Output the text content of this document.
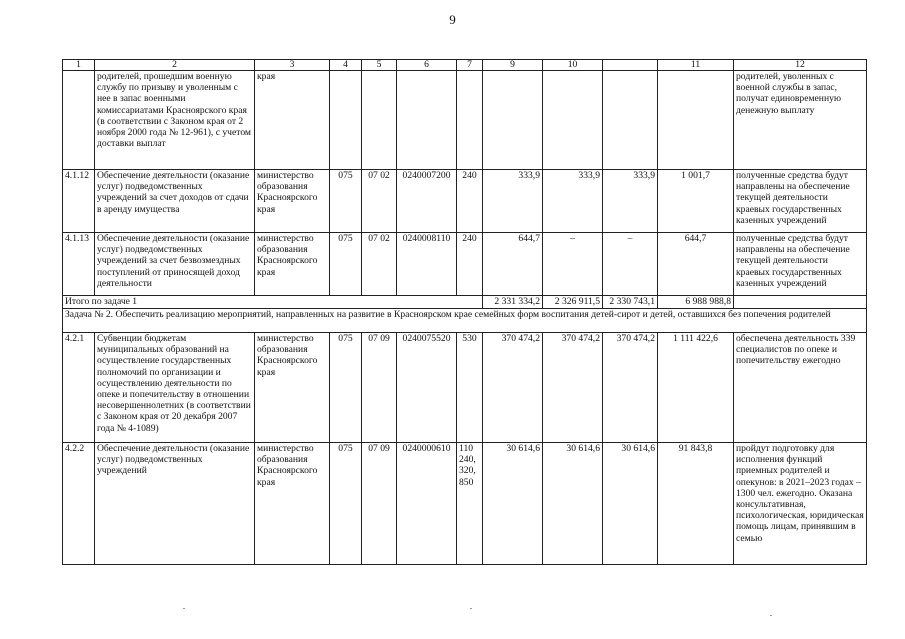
9
1	2	3	4	5	6	7	9	10		11	12
	родителей, прошедшим военную службу по призыву и уволенным с нее в запас военными комиссариатами Красноярского края (в соответствии с Законом края от 2 ноября 2000 года № 12-961), с учетом доставки выплат	края									родителей, уволенных с военной службы в запас, получат единовременную денежную выплату
4.1.12	Обеспечение деятельности (оказание услуг) подведомственных учреждений за счет доходов от сдачи в аренду имущества	министерство образования Красноярского края	075	07 02	0240007200	240	333,9	333,9	333,9	1 001,7	полученные средства будут направлены на обеспечение текущей деятельности краевых государственных казенных учреждений
4.1.13	Обеспечение деятельности (оказание услуг) подведомственных учреждений за счет безвозмездных поступлений от приносящей доход деятельности	министерство образования Красноярского края	075	07 02	0240008110	240	644,7	–	–	644,7	полученные средства будут направлены на обеспечение текущей деятельности краевых государственных казенных учреждений
Итого по задаче 1							2 331 334,2	2 326 911,5	2 330 743,1	6 988 988,8	
Задача № 2. Обеспечить реализацию мероприятий, направленных на развитие в Красноярском крае семейных форм воспитания детей-сирот и детей, оставшихся без попечения родителей											
4.2.1	Субвенции бюджетам муниципальных образований на осуществление государственных полномочий по организации и осуществлению деятельности по опеке и попечительству в отношении несовершеннолетних (в соответствии с Законом края от 20 декабря 2007 года № 4-1089)	министерство образования Красноярского края	075	07 09	0240075520	530	370 474,2	370 474,2	370 474,2	1 111 422,6	обеспечена деятельность 339 специалистов по опеке и попечительству ежегодно
4.2.2	Обеспечение деятельности (оказание услуг) подведомственных учреждений	министерство образования Красноярского края	075	07 09	0240000610	110 240, 320, 850	30 614,6	30 614,6	30 614,6	91 843,8	пройдут подготовку для исполнения функций приемных родителей и опекунов: в 2021–2023 годах – 1300 чел. ежегодно. Оказана консультативная, психологическая, юридическая помощь лицам, принявшим в семью
